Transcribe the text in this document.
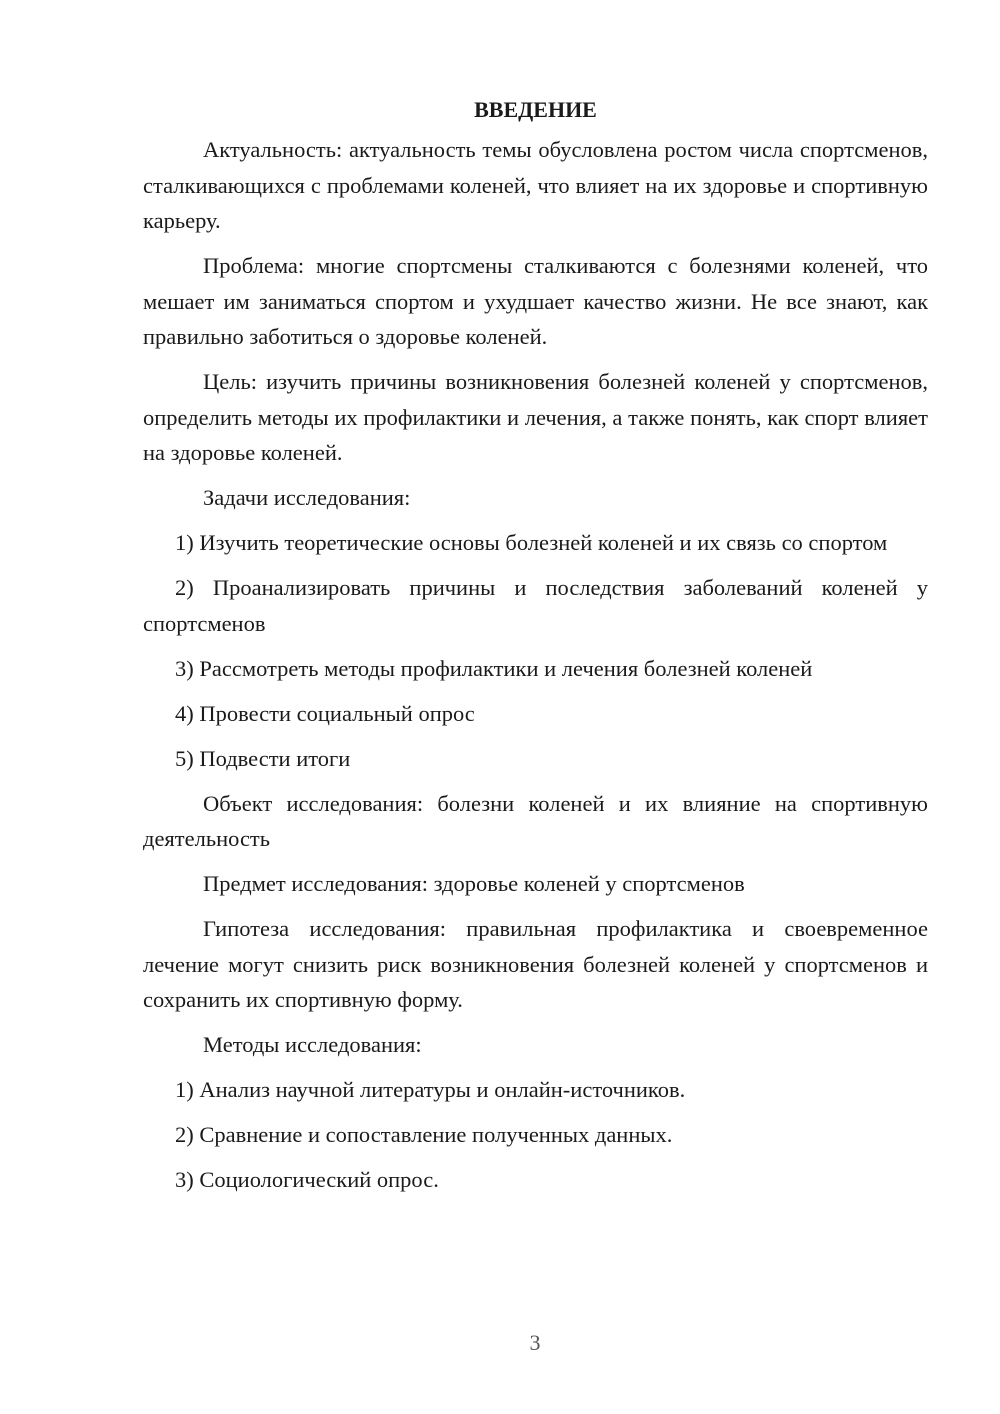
ВВЕДЕНИЕ

Актуальность: актуальность темы обусловлена ростом числа спортсменов, сталкивающихся с проблемами коленей, что влияет на их здоровье и спортивную карьеру.

Проблема: многие спортсмены сталкиваются с болезнями коленей, что мешает им заниматься спортом и ухудшает качество жизни. Не все знают, как правильно заботиться о здоровье коленей.

Цель: изучить причины возникновения болезней коленей у спортсменов, определить методы их профилактики и лечения, а также понять, как спорт влияет на здоровье коленей.

Задачи исследования:

1) Изучить теоретические основы болезней коленей и их связь со спортом

2) Проанализировать причины и последствия заболеваний коленей у спортсменов

3) Рассмотреть методы профилактики и лечения болезней коленей

4) Провести социальный опрос

5) Подвести итоги

Объект исследования: болезни коленей и их влияние на спортивную деятельность

Предмет исследования: здоровье коленей у спортсменов

Гипотеза исследования: правильная профилактика и своевременное лечение могут снизить риск возникновения болезней коленей у спортсменов и сохранить их спортивную форму.

Методы исследования:

1) Анализ научной литературы и онлайн-источников.

2) Сравнение и сопоставление полученных данных.

3) Социологический опрос.

3
